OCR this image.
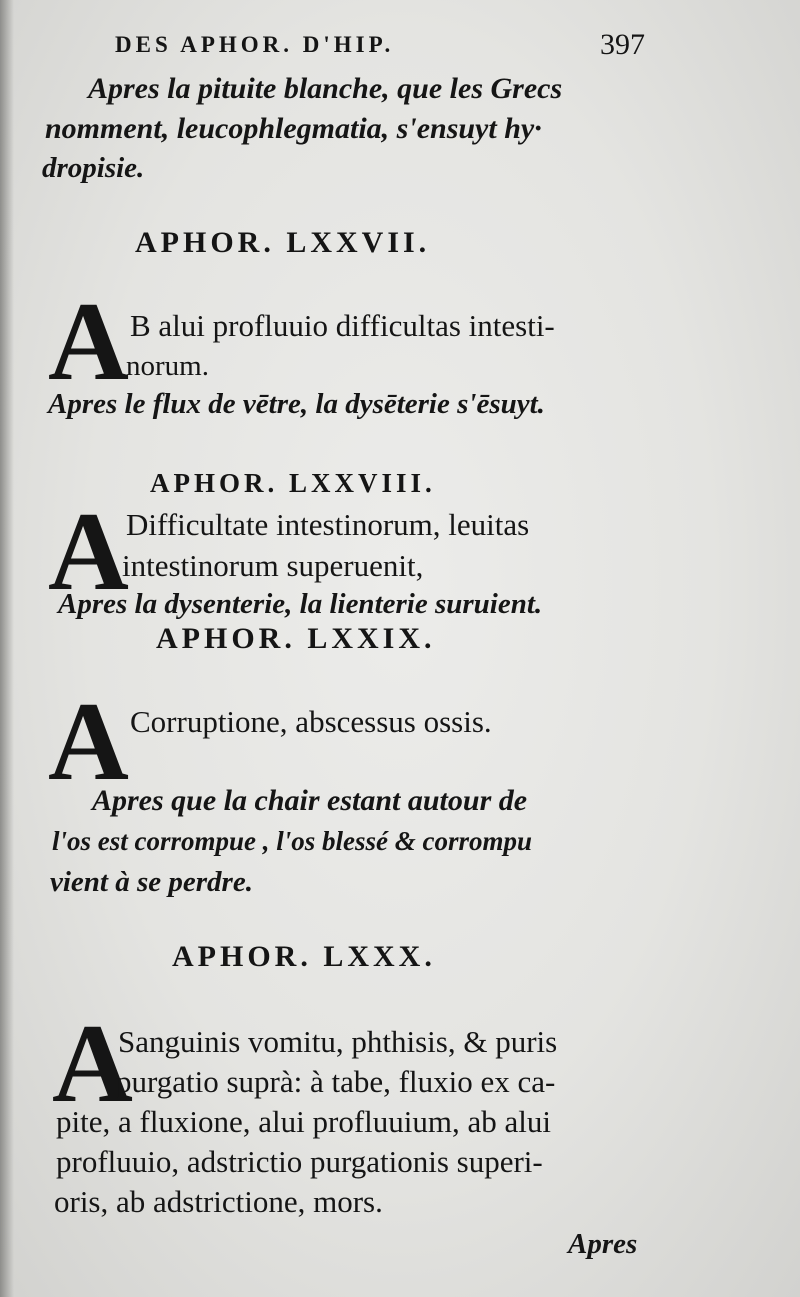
DES APHOR. D'HIP.	397
Apres la pituite blanche, que les Grecs
nomment, leucophlegmatia, s'ensuyt hy·
dropisie.
APHOR. LXXVII.
A B alui profluuio difficultas intesti-
norum.
Apres le flux de vētre, la dysēterie s'ēsuyt.
APHOR. LXXVIII.
A
Difficultate intestinorum, leuitas
intestinorum superuenit,
Apres la dysenterie, la lienterie suruient.
APHOR. LXXIX.
A Corruptione, abscessus ossis.
Apres que la chair estant autour de
l'os est corrompue , l'os blessé & corrompu
vient à se perdre.
APHOR. LXXX.
A
Sanguinis vomitu, phthisis, & puris
purgatio suprà: à tabe, fluxio ex ca-
pite, a fluxione, alui profluuium, ab alui
profluuio, adstrictio purgationis superi-
oris, ab adstrictione, mors.
Apres
